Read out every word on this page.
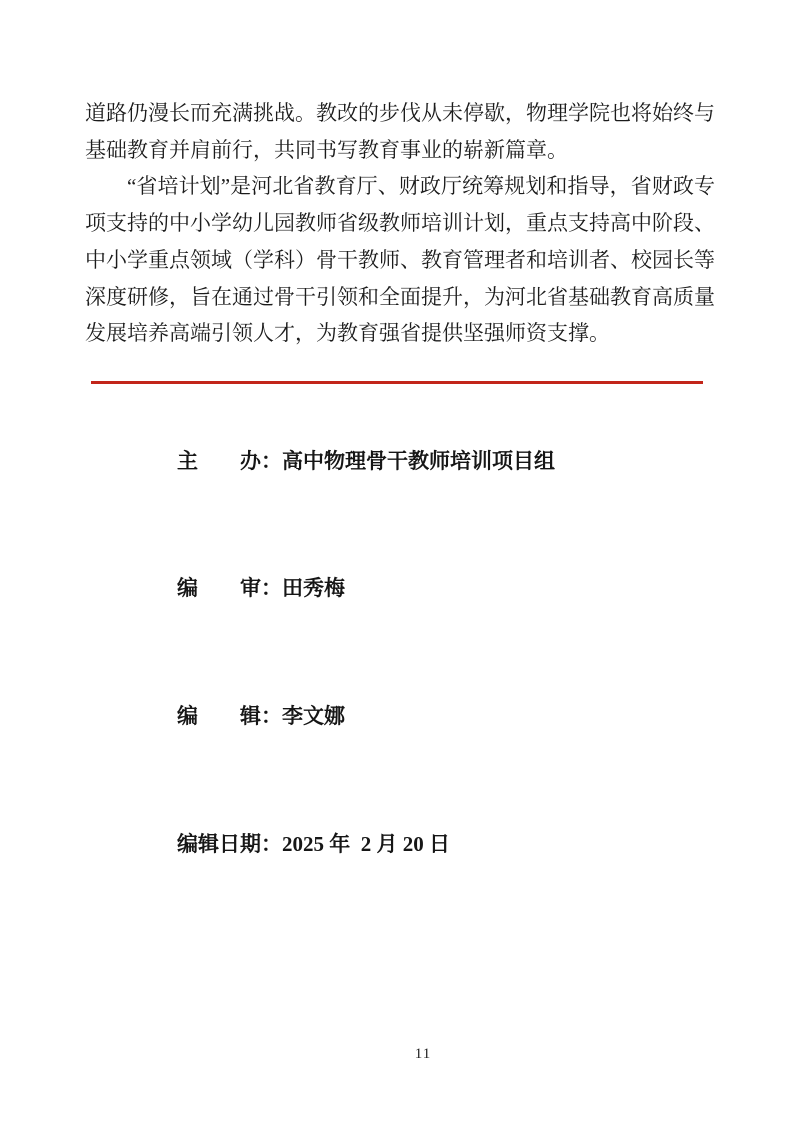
道路仍漫长而充满挑战。教改的步伐从未停歇，物理学院也将始终与基础教育并肩前行，共同书写教育事业的崭新篇章。

“省培计划”是河北省教育厅、财政厅统筹规划和指导，省财政专项支持的中小学幼儿园教师省级教师培训计划，重点支持高中阶段、中小学重点领域（学科）骨干教师、教育管理者和培训者、校园长等深度研修，旨在通过骨干引领和全面提升，为河北省基础教育高质量发展培养高端引领人才，为教育强省提供坚强师资支撑。

主　　办：高中物理骨干教师培训项目组

编　　审：田秀梅

编　　辑：李文娜

编辑日期：2025 年  2 月 20 日

11
